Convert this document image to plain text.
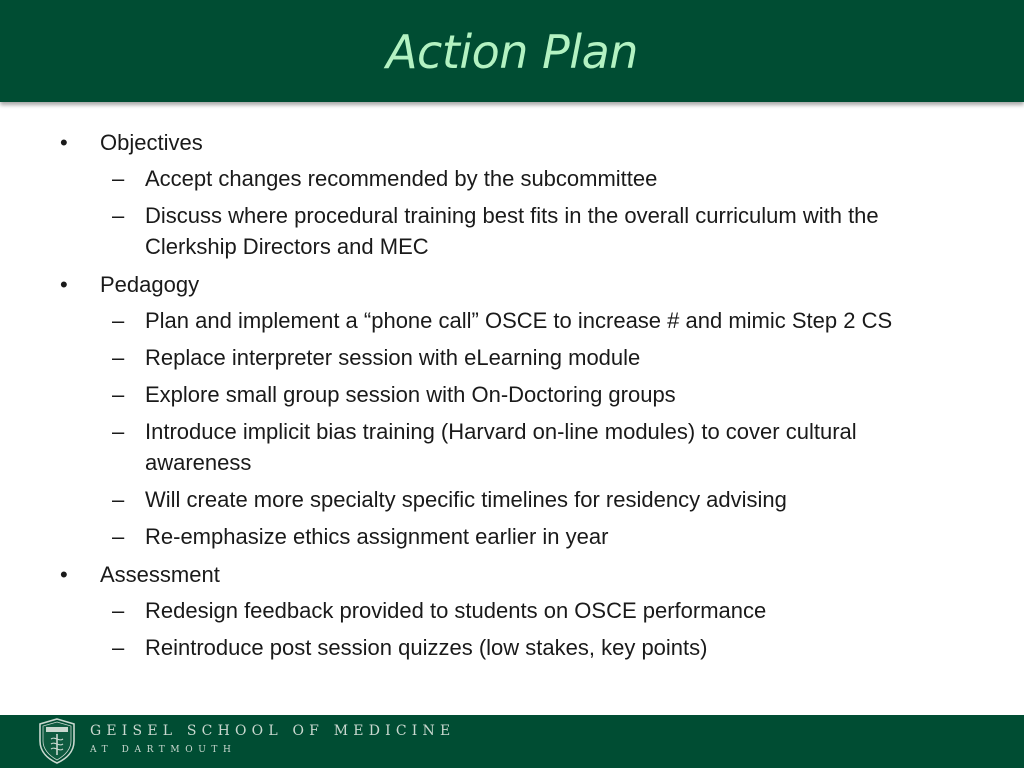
Action Plan
•	Objectives
– Accept changes recommended by the subcommittee
– Discuss where procedural training best fits in the overall curriculum with the Clerkship Directors and MEC
•	Pedagogy
– Plan and implement a “phone call” OSCE to increase # and mimic Step 2 CS
– Replace interpreter session with eLearning module
– Explore small group session with On-Doctoring groups
– Introduce implicit bias training (Harvard on-line modules) to cover cultural awareness
– Will create more specialty specific timelines for residency advising
– Re-emphasize ethics assignment earlier in year
•	Assessment
– Redesign feedback provided to students on OSCE performance
– Reintroduce post session quizzes (low stakes, key points)
GEISEL SCHOOL OF MEDICINE
AT DARTMOUTH
